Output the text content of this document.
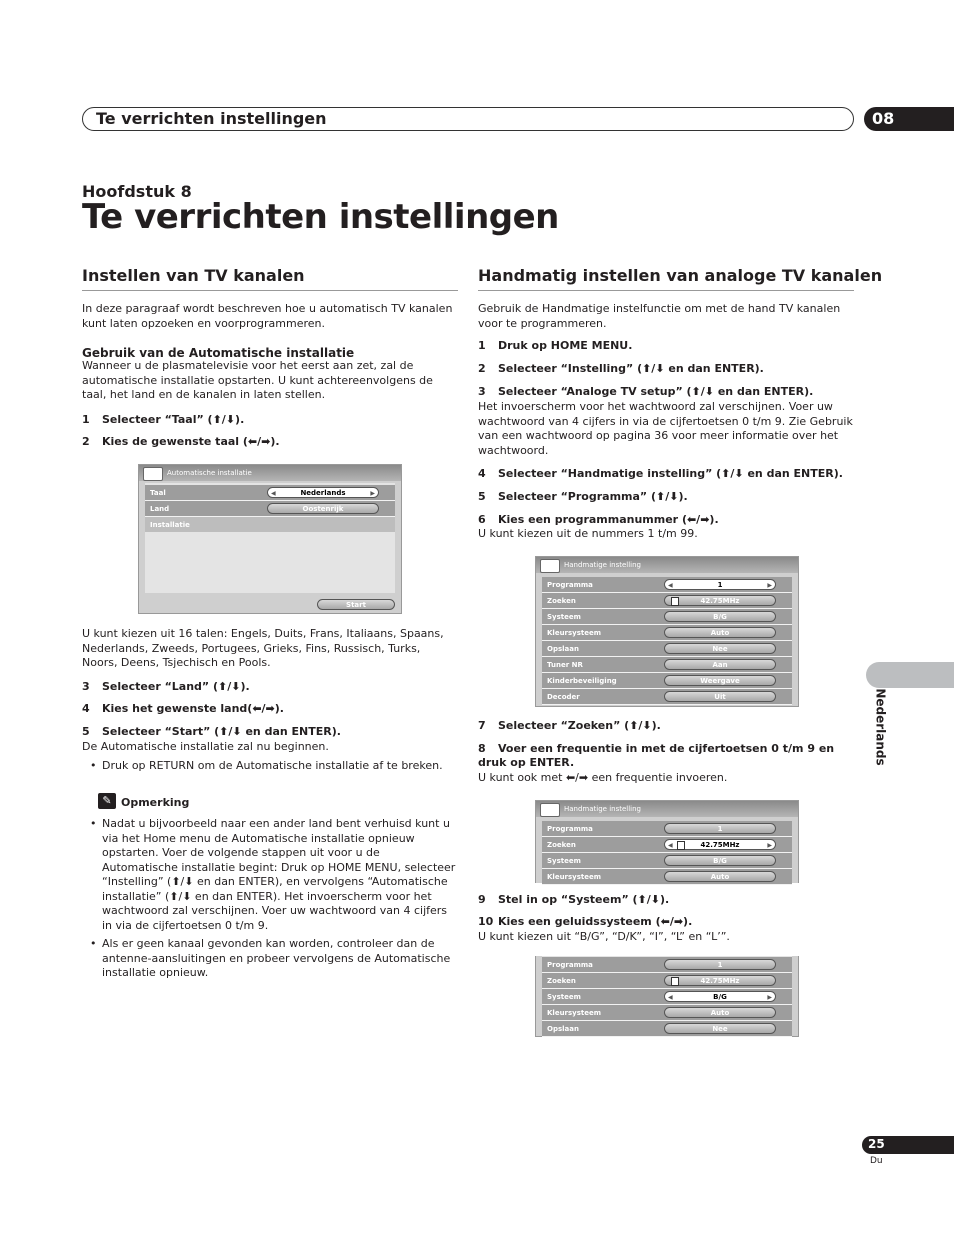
Te verrichten instellingen	08
Hoofdstuk 8
Te verrichten instellingen
Instellen van TV kanalen
In deze paragraaf wordt beschreven hoe u automatisch TV kanalen kunt laten opzoeken en voorprogrammeren.
Gebruik van de Automatische installatie
Wanneer u de plasmatelevisie voor het eerst aan zet, zal de automatische installatie opstarten. U kunt achtereenvolgens de taal, het land en de kanalen in laten stellen.
1 Selecteer “Taal” (⬆/⬇).
2 Kies de gewenste taal (⬅/➡).
Automatische installatie
Taal	◀	Nederlands	▶
Land	Oostenrijk
Installatie
Start
U kunt kiezen uit 16 talen: Engels, Duits, Frans, Italiaans, Spaans, Nederlands, Zweeds, Portugees, Grieks, Fins, Russisch, Turks, Noors, Deens, Tsjechisch en Pools.
3 Selecteer “Land” (⬆/⬇).
4 Kies het gewenste land(⬅/➡).
5 Selecteer “Start” (⬆/⬇ en dan ENTER).
De Automatische installatie zal nu beginnen.
• Druk op RETURN om de Automatische installatie af te breken.
✎ Opmerking
• Nadat u bijvoorbeeld naar een ander land bent verhuisd kunt u via het Home menu de Automatische installatie opnieuw opstarten. Voer de volgende stappen uit voor u de Automatische installatie begint: Druk op HOME MENU, selecteer “Instelling” (⬆/⬇ en dan ENTER), en vervolgens “Automatische installatie” (⬆/⬇ en dan ENTER). Het invoerscherm voor het wachtwoord zal verschijnen. Voer uw wachtwoord van 4 cijfers in via de cijfertoetsen 0 t/m 9.
• Als er geen kanaal gevonden kan worden, controleer dan de antenne-aansluitingen en probeer vervolgens de Automatische installatie opnieuw.
Handmatig instellen van analoge TV kanalen
Gebruik de Handmatige instelfunctie om met de hand TV kanalen voor te programmeren.
1 Druk op HOME MENU.
2 Selecteer “Instelling” (⬆/⬇ en dan ENTER).
3 Selecteer “Analoge TV setup” (⬆/⬇ en dan ENTER).
Het invoerscherm voor het wachtwoord zal verschijnen. Voer uw wachtwoord van 4 cijfers in via de cijfertoetsen 0 t/m 9. Zie Gebruik van een wachtwoord op pagina 36 voor meer informatie over het wachtwoord.
4 Selecteer “Handmatige instelling” (⬆/⬇ en dan ENTER).
5 Selecteer “Programma” (⬆/⬇).
6 Kies een programmanummer (⬅/➡).
U kunt kiezen uit de nummers 1 t/m 99.
Handmatige instelling
Programma	◀	1	▶
Zoeken	42.75MHz
Systeem	B/G
Kleursysteem	Auto
Opslaan	Nee
Tuner NR	Aan
Kinderbeveiliging	Weergave
Decoder	Uit
7 Selecteer “Zoeken” (⬆/⬇).
8 Voer een frequentie in met de cijfertoetsen 0 t/m 9 en druk op ENTER.
U kunt ook met ⬅/➡ een frequentie invoeren.
Handmatige instelling
Programma	1
Zoeken	◀	42.75MHz	▶
Systeem	B/G
Kleursysteem	Auto
9 Stel in op “Systeem” (⬆/⬇).
10 Kies een geluidssysteem (⬅/➡).
U kunt kiezen uit “B/G”, “D/K”, “I”, “L” en “L’”.
Programma	1
Zoeken	42.75MHz
Systeem	◀	B/G	▶
Kleursysteem	Auto
Opslaan	Nee
Nederlands
25
Du
